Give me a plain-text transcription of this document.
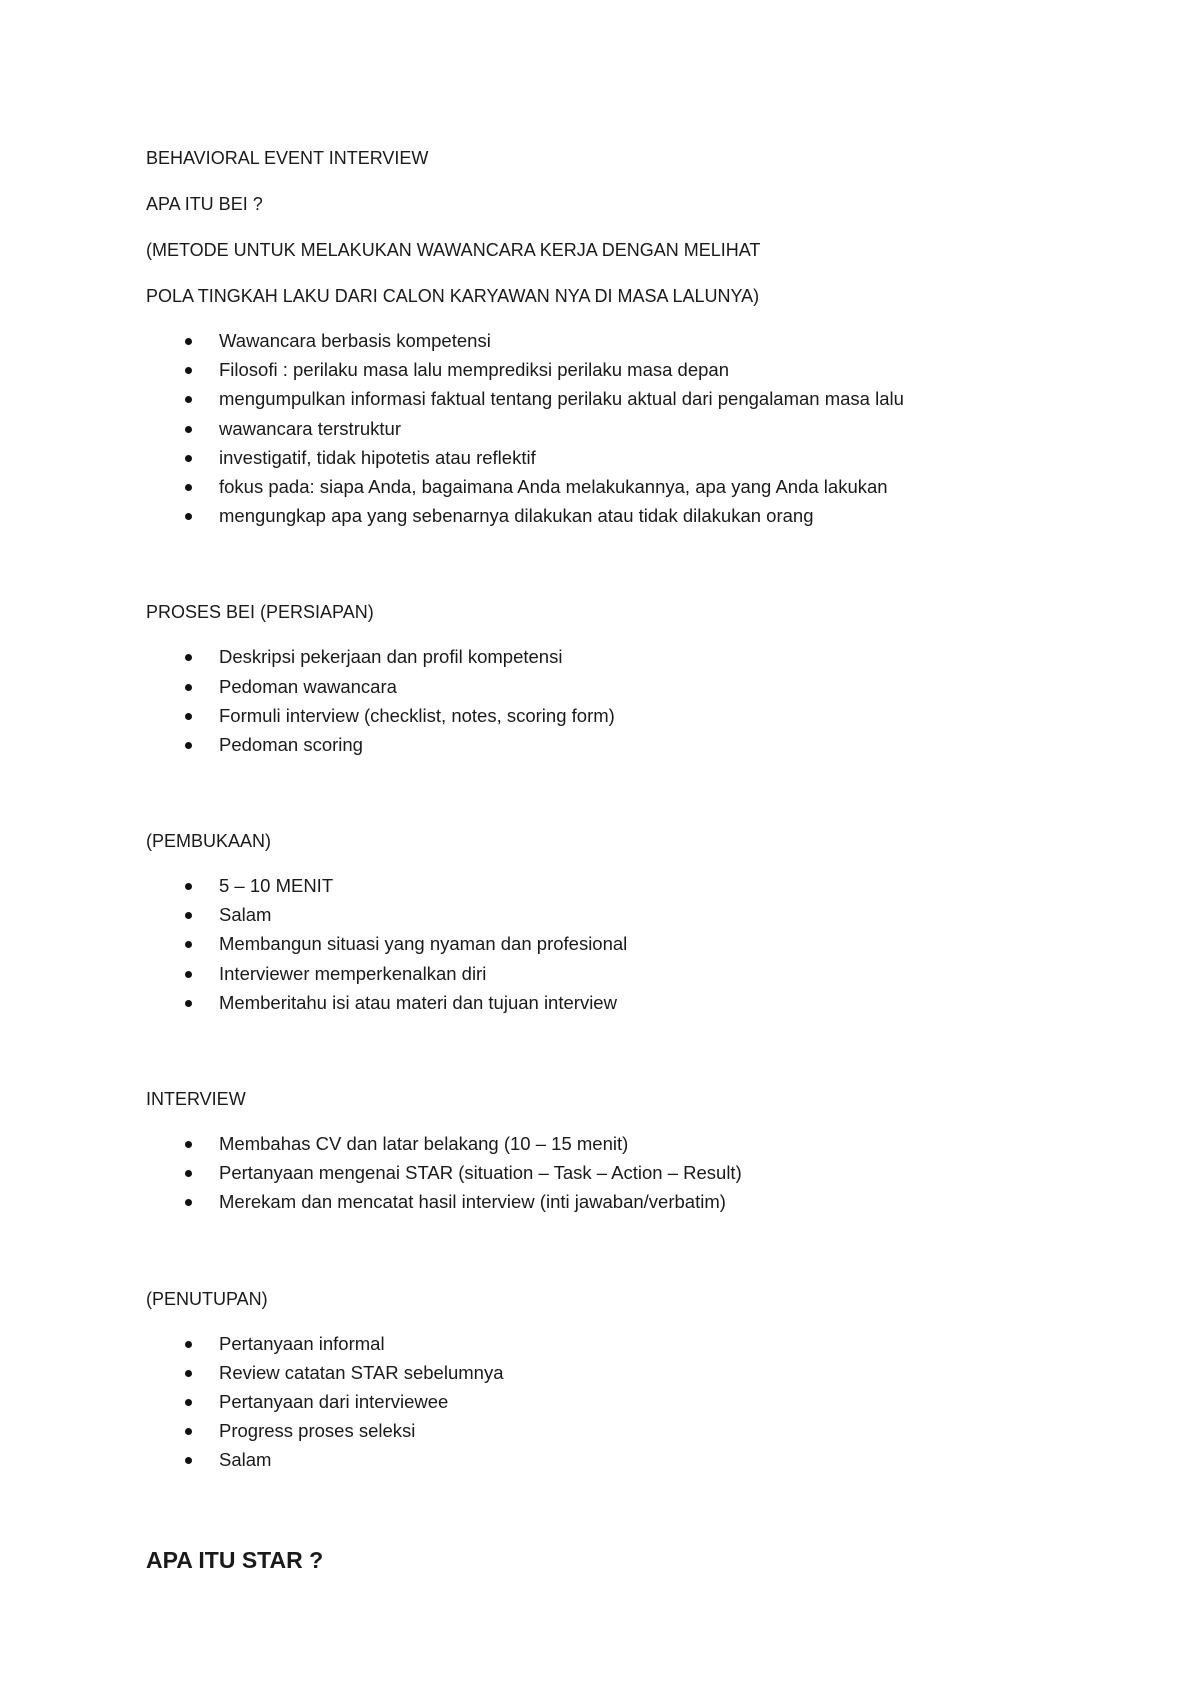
BEHAVIORAL EVENT INTERVIEW
APA ITU BEI ?
(METODE UNTUK MELAKUKAN WAWANCARA KERJA DENGAN MELIHAT
POLA TINGKAH LAKU DARI CALON KARYAWAN NYA DI MASA LALUNYA)
Wawancara berbasis kompetensi
Filosofi : perilaku masa lalu memprediksi perilaku masa depan
mengumpulkan informasi faktual tentang perilaku aktual dari pengalaman masa lalu
wawancara terstruktur
investigatif, tidak hipotetis atau reflektif
fokus pada: siapa Anda, bagaimana Anda melakukannya, apa yang Anda lakukan
mengungkap apa yang sebenarnya dilakukan atau tidak dilakukan orang
PROSES BEI (PERSIAPAN)
Deskripsi pekerjaan dan profil kompetensi
Pedoman wawancara
Formuli interview (checklist, notes, scoring form)
Pedoman scoring
(PEMBUKAAN)
5 – 10 MENIT
Salam
Membangun situasi yang nyaman dan profesional
Interviewer memperkenalkan diri
Memberitahu isi atau materi dan tujuan interview
INTERVIEW
Membahas CV dan latar belakang (10 – 15 menit)
Pertanyaan mengenai STAR (situation – Task – Action – Result)
Merekam dan mencatat hasil interview (inti jawaban/verbatim)
(PENUTUPAN)
Pertanyaan informal
Review catatan STAR sebelumnya
Pertanyaan dari interviewee
Progress proses seleksi
Salam
APA ITU STAR ?
